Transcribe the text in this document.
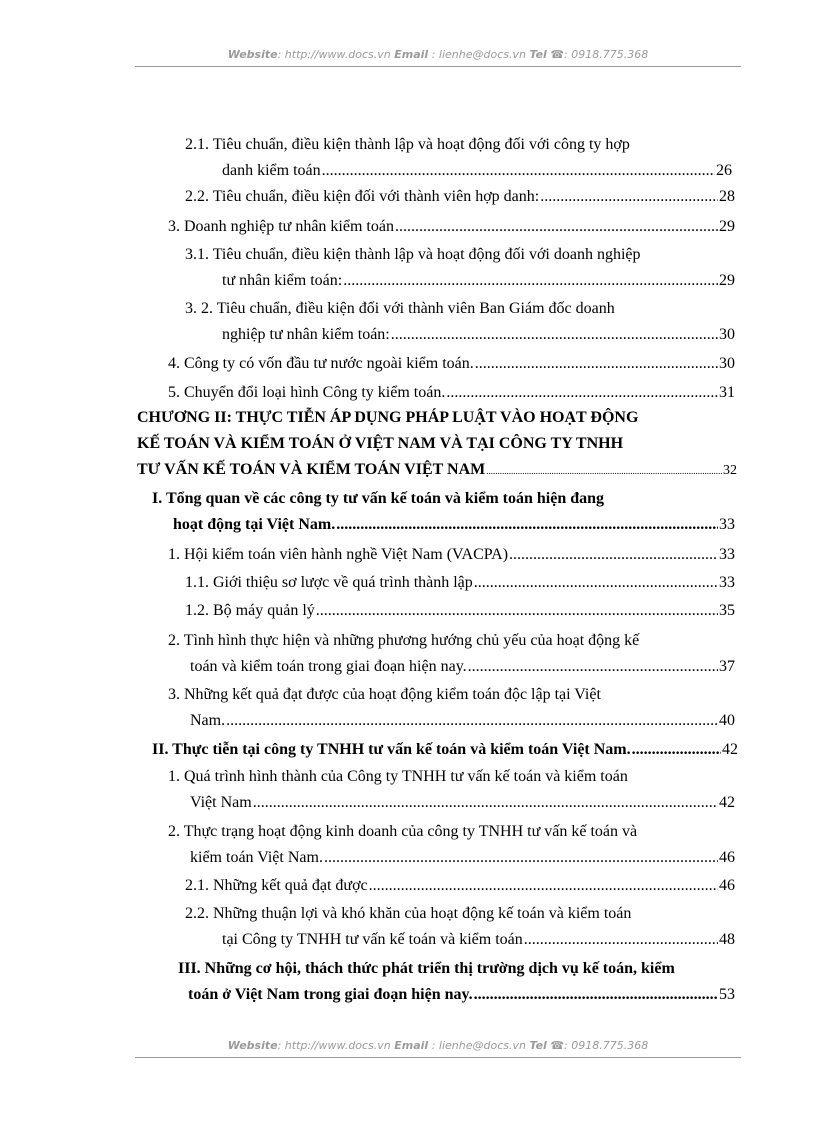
Website: http://www.docs.vn Email : lienhe@docs.vn Tel ☎: 0918.775.368
2.1. Tiêu chuẩn, điều kiện thành lập và hoạt động đối với công ty hợp
danh kiểm toán .....	26
2.2. Tiêu chuẩn, điều kiện đối với thành viên hợp danh: .....	28
3. Doanh nghiệp tư nhân kiểm toán .....	29
3.1. Tiêu chuẩn, điều kiện thành lập và hoạt động đối với doanh nghiệp
tư nhân kiểm toán: .....	29
3. 2. Tiêu chuẩn, điều kiện đối với thành viên Ban Giám đốc doanh
nghiệp tư nhân kiểm toán: .....	30
4. Công ty có vốn đầu tư nước ngoài kiểm toán. .....	30
5. Chuyển đổi loại hình Công ty kiểm toán. .....	31
CHƯƠNG II: THỰC TIỄN ÁP DỤNG PHÁP LUẬT VÀO HOẠT ĐỘNG
KẾ TOÁN VÀ KIỂM TOÁN Ở VIỆT NAM VÀ TẠI CÔNG TY TNHH
TƯ VẤN KẾ TOÁN VÀ KIỂM TOÁN VIỆT NAM .....	32
I. Tổng quan về các công ty tư vấn kế toán và kiểm toán hiện đang
hoạt động tại Việt Nam. .....	33
1. Hội kiểm toán viên hành nghề Việt Nam (VACPA) .....	33
1.1. Giới thiệu sơ lược về quá trình thành lập .....	33
1.2. Bộ máy quản lý .....	35
2. Tình hình thực hiện và những phương hướng chủ yếu của hoạt động kế
toán và kiểm toán trong giai đoạn hiện nay. .....	37
3. Những kết quả đạt được của hoạt động kiểm toán độc lập tại Việt
Nam. .....	40
II. Thực tiễn tại công ty TNHH tư vấn kế toán và kiểm toán Việt Nam. .....	42
1. Quá trình hình thành của Công ty TNHH tư vấn kế toán và kiểm toán
Việt Nam .....	42
2. Thực trạng hoạt động kinh doanh của công ty TNHH tư vấn kế toán và
kiểm toán Việt Nam. .....	46
2.1. Những kết quả đạt được .....	46
2.2. Những thuận lợi và khó khăn của hoạt động kế toán và kiểm toán
tại Công ty TNHH tư vấn kế toán và kiểm toán .....	48
III. Những cơ hội, thách thức phát triển thị trường dịch vụ kế toán, kiểm
toán ở Việt Nam trong giai đoạn hiện nay. .....	53
Website: http://www.docs.vn Email : lienhe@docs.vn Tel ☎: 0918.775.368
